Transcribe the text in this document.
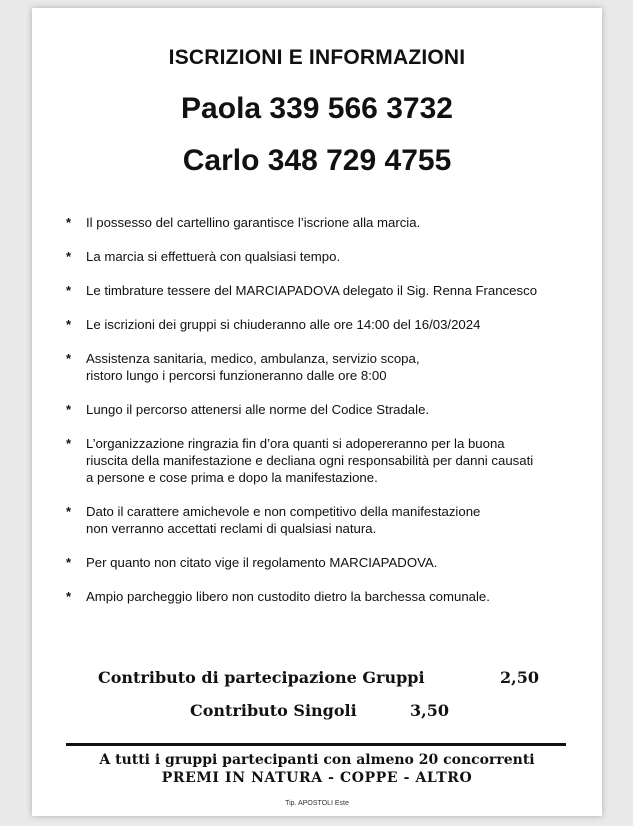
ISCRIZIONI E INFORMAZIONI
Paola 339 566 3732
Carlo 348 729 4755
* Il possesso del cartellino garantisce l’iscrione alla marcia.
* La marcia si effettuerà con qualsiasi tempo.
* Le timbrature tessere del MARCIAPADOVA delegato il Sig. Renna Francesco
* Le iscrizioni dei gruppi si chiuderanno alle ore 14:00 del 16/03/2024
* Assistenza sanitaria, medico, ambulanza, servizio scopa,
ristoro lungo i percorsi funzioneranno dalle ore 8:00
* Lungo il percorso attenersi alle norme del Codice Stradale.
* L’organizzazione ringrazia fin d’ora quanti si adopereranno per la buona
riuscita della manifestazione e decliana ogni responsabilità per danni causati
a persone e cose prima e dopo la manifestazione.
* Dato il carattere amichevole e non competitivo della manifestazione
non verranno accettati reclami di qualsiasi natura.
* Per quanto non citato vige il regolamento MARCIAPADOVA.
* Ampio parcheggio libero non custodito dietro la barchessa comunale.
Contributo di partecipazione Gruppi	2,50
Contributo Singoli	3,50
A tutti i gruppi partecipanti con almeno 20 concorrenti
PREMI IN NATURA - COPPE - ALTRO
Tip. APOSTOLI Este
